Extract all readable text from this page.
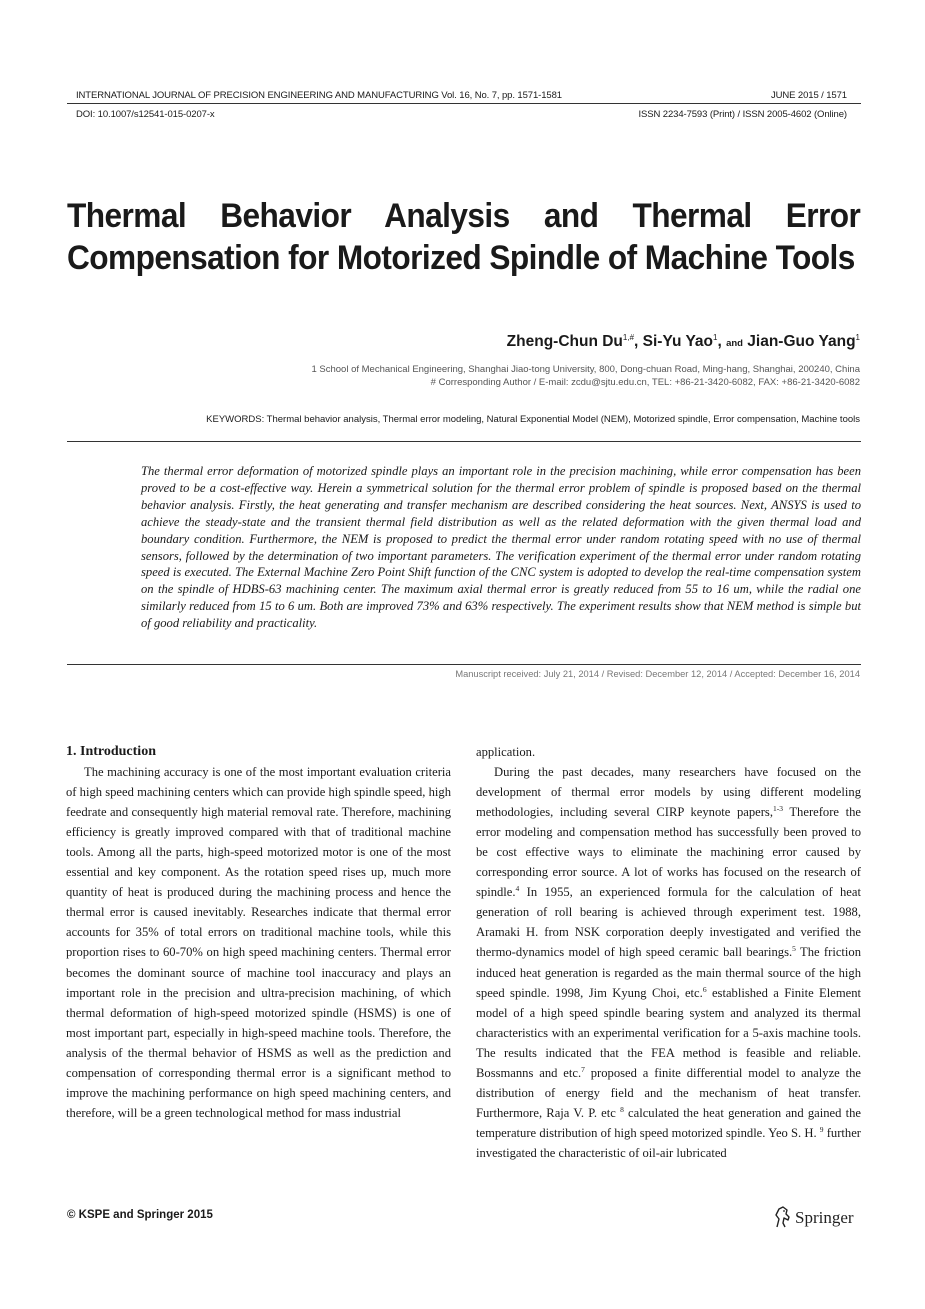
INTERNATIONAL JOURNAL OF PRECISION ENGINEERING AND MANUFACTURING Vol. 16, No. 7, pp. 1571-1581	JUNE 2015 / 1571
DOI: 10.1007/s12541-015-0207-x	ISSN 2234-7593 (Print) / ISSN 2005-4602 (Online)
Thermal Behavior Analysis and Thermal Error Compensation for Motorized Spindle of Machine Tools
Zheng-Chun $Du^{1,\#}$, Si-Yu Yao$^1$, and Jian-Guo Yang$^1$
1 School of Mechanical Engineering, Shanghai Jiao-tong University, 800, Dong-chuan Road, Ming-hang, Shanghai, 200240, China
# Corresponding Author / E-mail: zcdu@sjtu.edu.cn, TEL: +86-21-3420-6082, FAX: +86-21-3420-6082
KEYWORDS: Thermal behavior analysis, Thermal error modeling, Natural Exponential Model (NEM), Motorized spindle, Error compensation, Machine tools
The thermal error deformation of motorized spindle plays an important role in the precision machining, while error compensation has been proved to be a cost-effective way. Herein a symmetrical solution for the thermal error problem of spindle is proposed based on the thermal behavior analysis. Firstly, the heat generating and transfer mechanism are described considering the heat sources. Next, ANSYS is used to achieve the steady-state and the transient thermal field distribution as well as the related deformation with the given thermal load and boundary condition. Furthermore, the NEM is proposed to predict the thermal error under random rotating speed with no use of thermal sensors, followed by the determination of two important parameters. The verification experiment of the thermal error under random rotating speed is executed. The External Machine Zero Point Shift function of the CNC system is adopted to develop the real-time compensation system on the spindle of HDBS-63 machining center. The maximum axial thermal error is greatly reduced from 55 to 16 um, while the radial one similarly reduced from 15 to 6 um. Both are improved 73% and 63% respectively. The experiment results show that NEM method is simple but of good reliability and practicality.
Manuscript received: July 21, 2014 / Revised: December 12, 2014 / Accepted: December 16, 2014

1. Introduction

The machining accuracy is one of the most important evaluation criteria of high speed machining centers which can provide high spindle speed, high feedrate and consequently high material removal rate. Therefore, machining efficiency is greatly improved compared with that of traditional machine tools. Among all the parts, high-speed motorized motor is one of the most essential and key component. As the rotation speed rises up, much more quantity of heat is produced during the machining process and hence the thermal error is caused inevitably. Researches indicate that thermal error accounts for 35% of total errors on traditional machine tools, while this proportion rises to 60-70% on high speed machining centers. Thermal error becomes the dominant source of machine tool inaccuracy and plays an important role in the precision and ultra-precision machining, of which thermal deformation of high-speed motorized spindle (HSMS) is one of most important part, especially in high-speed machine tools. Therefore, the analysis of the thermal behavior of HSMS as well as the prediction and compensation of corresponding thermal error is a significant method to improve the machining performance on high speed machining centers, and therefore, will be a green technological method for mass industrial

application.

During the past decades, many researchers have focused on the development of thermal error models by using different modeling methodologies, including several CIRP keynote papers,$^{1-3}$ Therefore the error modeling and compensation method has successfully been proved to be cost effective ways to eliminate the machining error caused by corresponding error source. A lot of works has focused on the research of spindle.$^4$ In 1955, an experienced formula for the calculation of heat generation of roll bearing is achieved through experiment test. 1988, Aramaki H. from NSK corporation deeply investigated and verified the thermo-dynamics model of high speed ceramic ball bearings.$^5$ The friction induced heat generation is regarded as the main thermal source of the high speed spindle. 1998, Jim Kyung Choi, etc.$^6$ established a Finite Element model of a high speed spindle bearing system and analyzed its thermal characteristics with an experimental verification for a 5-axis machine tools. The results indicated that the FEA method is feasible and reliable. Bossmanns and etc.$^7$ proposed a finite differential model to analyze the distribution of energy field and the mechanism of heat transfer. Furthermore, Raja V. P. etc $^8$ calculated the heat generation and gained the temperature distribution of high speed motorized spindle. Yeo S. H. $^9$ further investigated the characteristic of oil-air lubricated

© KSPE and Springer 2015	Springer
